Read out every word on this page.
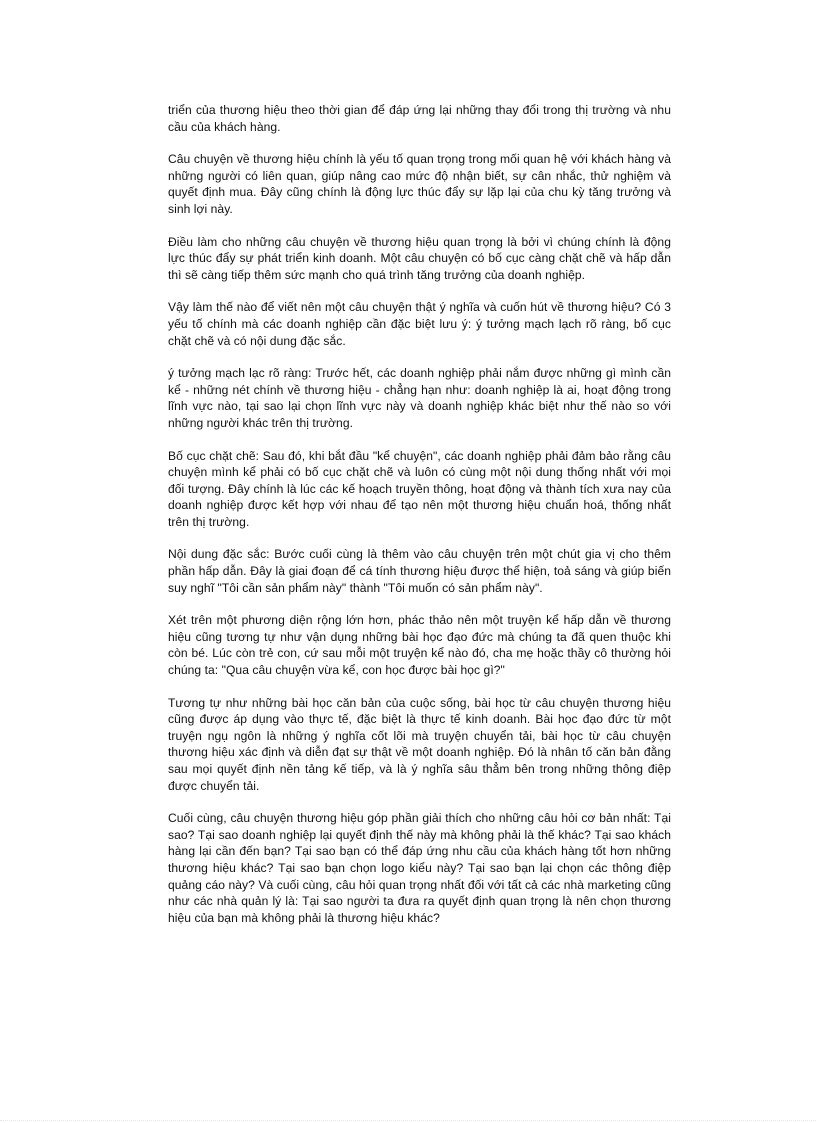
triển của thương hiệu theo thời gian để đáp ứng lại những thay đổi trong thị trường và nhu cầu của khách hàng.

Câu chuyện về thương hiệu chính là yếu tố quan trọng trong mối quan hệ với khách hàng và những người có liên quan, giúp nâng cao mức độ nhận biết, sự cân nhắc, thử nghiệm và quyết định mua. Đây cũng chính là động lực thúc đẩy sự lặp lại của chu kỳ tăng trưởng và sinh lợi này.

Điều làm cho những câu chuyện về thương hiệu quan trọng là bởi vì chúng chính là động lực thúc đẩy sự phát triển kinh doanh. Một câu chuyện có bố cục càng chặt chẽ và hấp dẫn thì sẽ càng tiếp thêm sức mạnh cho quá trình tăng trưởng của doanh nghiệp.

Vậy làm thế nào để viết nên một câu chuyện thật ý nghĩa và cuốn hút về thương hiệu? Có 3 yếu tố chính mà các doanh nghiệp cần đặc biệt lưu ý: ý tưởng mạch lạch rõ ràng, bố cục chặt chẽ và có nội dung đặc sắc.

ý tưởng mạch lạc rõ ràng: Trước hết, các doanh nghiệp phải nắm được những gì mình cần kể - những nét chính về thương hiệu - chẳng hạn như: doanh nghiệp là ai, hoạt động trong lĩnh vực nào, tại sao lại chọn lĩnh vực này và doanh nghiệp khác biệt như thế nào so với những người khác trên thị trường.

Bố cục chặt chẽ: Sau đó, khi bắt đầu "kể chuyện", các doanh nghiệp phải đảm bảo rằng câu chuyện mình kể phải có bố cục chặt chẽ và luôn có cùng một nội dung thống nhất với mọi đối tượng. Đây chính là lúc các kế hoạch truyền thông, hoạt động và thành tích xưa nay của doanh nghiệp được kết hợp với nhau để tạo nên một thương hiệu chuẩn hoá, thống nhất trên thị trường.

Nội dung đặc sắc: Bước cuối cùng là thêm vào câu chuyện trên một chút gia vị cho thêm phần hấp dẫn. Đây là giai đoạn để cá tính thương hiệu được thể hiện, toả sáng và giúp biến suy nghĩ "Tôi cần sản phẩm này" thành "Tôi muốn có sản phẩm này".

Xét trên một phương diện rộng lớn hơn, phác thảo nên một truyện kể hấp dẫn về thương hiệu cũng tương tự như vận dụng những bài học đạo đức mà chúng ta đã quen thuộc khi còn bé. Lúc còn trẻ con, cứ sau mỗi một truyện kể nào đó, cha mẹ hoặc thầy cô thường hỏi chúng ta: "Qua câu chuyện vừa kể, con học được bài học gì?"

Tương tự như những bài học căn bản của cuộc sống, bài học từ câu chuyện thương hiệu cũng được áp dụng vào thực tế, đặc biệt là thực tế kinh doanh. Bài học đạo đức từ một truyện ngụ ngôn là những ý nghĩa cốt lõi mà truyện chuyển tải, bài học từ câu chuyện thương hiệu xác định và diễn đạt sự thật về một doanh nghiệp. Đó là nhân tố căn bản đằng sau mọi quyết định nền tảng kế tiếp, và là ý nghĩa sâu thẳm bên trong những thông điệp được chuyển tải.

Cuối cùng, câu chuyện thương hiệu góp phần giải thích cho những câu hỏi cơ bản nhất: Tại sao? Tại sao doanh nghiệp lại quyết định thế này mà không phải là thế khác? Tại sao khách hàng lại cần đến bạn? Tại sao bạn có thể đáp ứng nhu cầu của khách hàng tốt hơn những thương hiệu khác? Tại sao bạn chọn logo kiểu này? Tại sao bạn lại chọn các thông điệp quảng cáo này? Và cuối cùng, câu hỏi quan trọng nhất đối với tất cả các nhà marketing cũng như các nhà quản lý là: Tại sao người ta đưa ra quyết định quan trọng là nên chọn thương hiệu của bạn mà không phải là thương hiệu khác?
